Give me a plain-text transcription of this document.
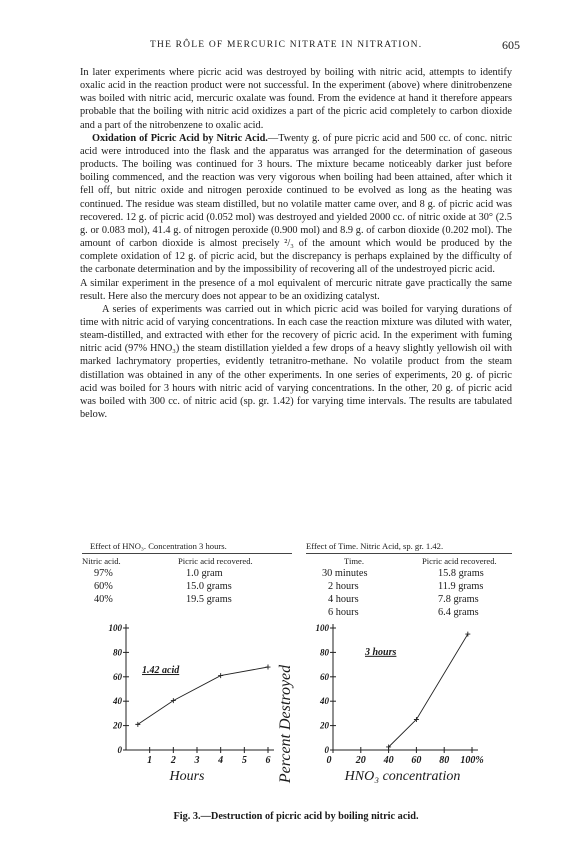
THE RÔLE OF MERCURIC NITRATE IN NITRATION.	605

In later experiments where picric acid was destroyed by boiling with nitric acid, attempts to identify oxalic acid in the reaction product were not successful. In the experiment (above) where dinitrobenzene was boiled with nitric acid, mercuric oxalate was found. From the evidence at hand it therefore appears probable that the boiling with nitric acid oxidizes a part of the picric acid completely to carbon dioxide and a part of the nitrobenzene to oxalic acid.

Oxidation of Picric Acid by Nitric Acid.—Twenty g. of pure picric acid and 500 cc. of conc. nitric acid were introduced into the flask and the apparatus was arranged for the determination of gaseous products. The boiling was continued for 3 hours. The mixture became noticeably darker just before boiling commenced, and the reaction was very vigorous when boiling had been attained, after which it fell off, but nitric oxide and nitrogen peroxide continued to be evolved as long as the heating was continued. The residue was steam distilled, but no volatile matter came over, and 8 g. of picric acid was recovered. 12 g. of picric acid (0.052 mol) was destroyed and yielded 2000 cc. of nitric oxide at 30° (2.5 g. or 0.083 mol), 41.4 g. of nitrogen peroxide (0.900 mol) and 8.9 g. of carbon dioxide (0.202 mol). The amount of carbon dioxide is almost precisely ²/₃ of the amount which would be produced by the complete oxidation of 12 g. of picric acid, but the discrepancy is perhaps explained by the difficulty of the carbonate determination and by the impossibility of recovering all of the undestroyed picric acid.

A similar experiment in the presence of a mol equivalent of mercuric nitrate gave practically the same result. Here also the mercury does not appear to be an oxidizing catalyst.

A series of experiments was carried out in which picric acid was boiled for varying durations of time with nitric acid of varying concentrations. In each case the reaction mixture was diluted with water, steam-distilled, and extracted with ether for the recovery of picric acid. In the experiment with fuming nitric acid (97% HNO₃) the steam distillation yielded a few drops of a heavy slightly yellowish oil with marked lachrymatory properties, evidently tetranitro-methane. No volatile product from the steam distillation was obtained in any of the other experiments. In one series of experiments, 20 g. of picric acid was boiled for 3 hours with nitric acid of varying concentrations. In the other, 20 g. of picric acid was boiled with 300 cc. of nitric acid (sp. gr. 1.42) for varying time intervals. The results are tabulated below.

Effect of HNO₃. Concentration 3 hours.
Nitric acid.	Picric acid recovered.
97%	1.0 gram
60%	15.0 grams
40%	19.5 grams
Effect of Time. Nitric Acid, sp. gr. 1.42.
Time.	Picric acid recovered.
30 minutes	15.8 grams
2 hours	11.9 grams
4 hours	7.8 grams
6 hours	6.4 grams
100
80
60
40
20
0
1 2 3 4 5 6
1.42 acid
Hours
100
80
60
40
20
0
0 20 40 60 80 100%
3 hours
HNO₃ concentration
Percent Destroyed
Fig. 3.—Destruction of picric acid by boiling nitric acid.
